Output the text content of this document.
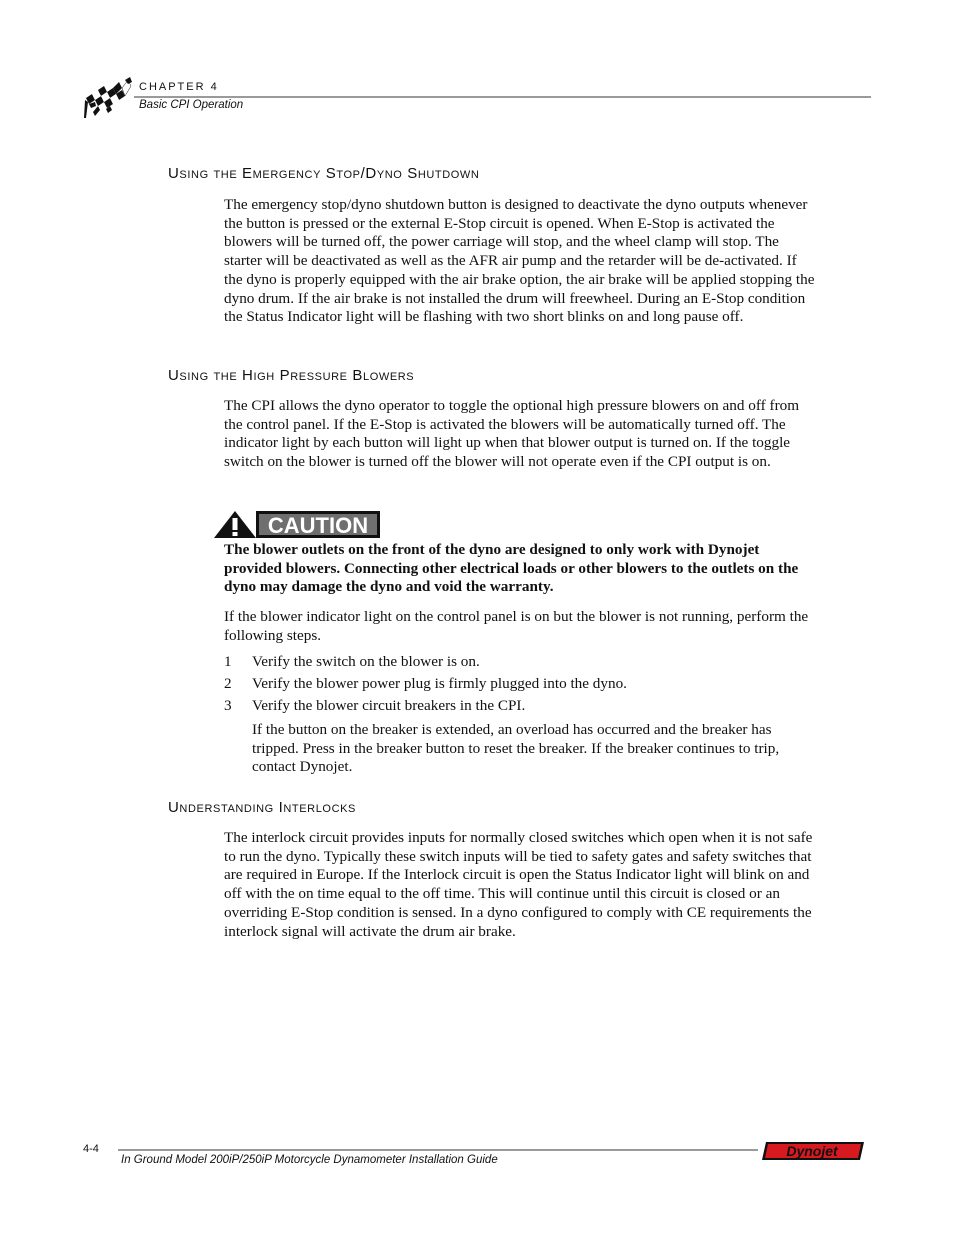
CHAPTER 4
Basic CPI Operation
Using the Emergency Stop/Dyno Shutdown

The emergency stop/dyno shutdown button is designed to deactivate the dyno outputs whenever the button is pressed or the external E-Stop circuit is opened. When E-Stop is activated the blowers will be turned off, the power carriage will stop, and the wheel clamp will stop. The starter will be deactivated as well as the AFR air pump and the retarder will be de-activated. If the dyno is properly equipped with the air brake option, the air brake will be applied stopping the dyno drum. If the air brake is not installed the drum will freewheel. During an E-Stop condition the Status Indicator light will be flashing with two short blinks on and long pause off.

Using the High Pressure Blowers

The CPI allows the dyno operator to toggle the optional high pressure blowers on and off from the control panel. If the E-Stop is activated the blowers will be automatically turned off. The indicator light by each button will light up when that blower output is turned on. If the toggle switch on the blower is turned off the blower will not operate even if the CPI output is on.

CAUTION

The blower outlets on the front of the dyno are designed to only work with Dynojet provided blowers. Connecting other electrical loads or other blowers to the outlets on the dyno may damage the dyno and void the warranty.

If the blower indicator light on the control panel is on but the blower is not running, perform the following steps.

1 Verify the switch on the blower is on.
2 Verify the blower power plug is firmly plugged into the dyno.
3 Verify the blower circuit breakers in the CPI.

If the button on the breaker is extended, an overload has occurred and the breaker has tripped. Press in the breaker button to reset the breaker. If the breaker continues to trip, contact Dynojet.

Understanding Interlocks

The interlock circuit provides inputs for normally closed switches which open when it is not safe to run the dyno. Typically these switch inputs will be tied to safety gates and safety switches that are required in Europe. If the Interlock circuit is open the Status Indicator light will blink on and off with the on time equal to the off time. This will continue until this circuit is closed or an overriding E-Stop condition is sensed. In a dyno configured to comply with CE requirements the interlock signal will activate the drum air brake.

4-4
In Ground Model 200iP/250iP Motorcycle Dynamometer Installation Guide
Dynojet
